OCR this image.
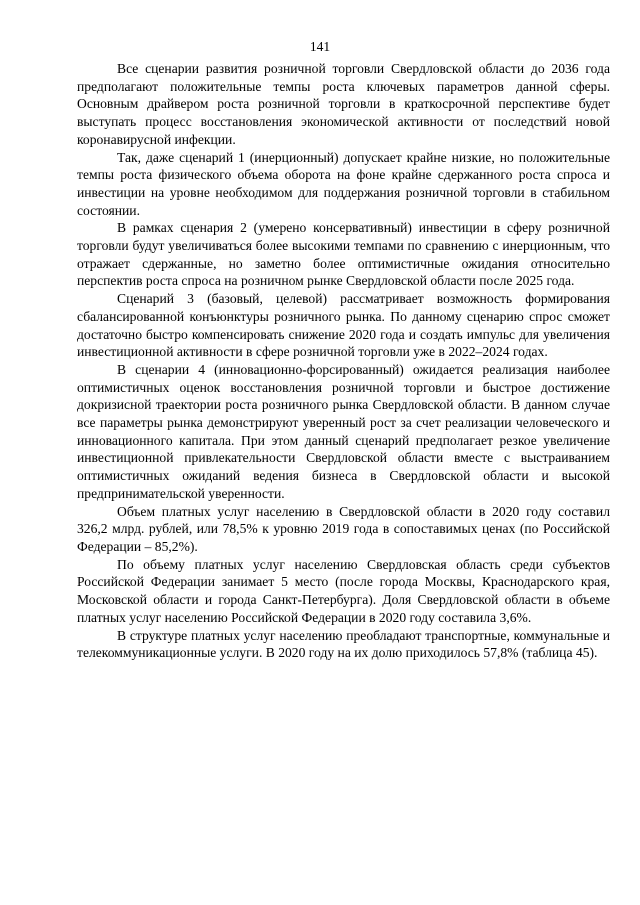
141

Все сценарии развития розничной торговли Свердловской области до 2036 года предполагают положительные темпы роста ключевых параметров данной сферы. Основным драйвером роста розничной торговли в краткосрочной перспективе будет выступать процесс восстановления экономической активности от последствий новой коронавирусной инфекции.

Так, даже сценарий 1 (инерционный) допускает крайне низкие, но положительные темпы роста физического объема оборота на фоне крайне сдержанного роста спроса и инвестиции на уровне необходимом для поддержания розничной торговли в стабильном состоянии.

В рамках сценария 2 (умерено консервативный) инвестиции в сферу розничной торговли будут увеличиваться более высокими темпами по сравнению с инерционным, что отражает сдержанные, но заметно более оптимистичные ожидания относительно перспектив роста спроса на розничном рынке Свердловской области после 2025 года.

Сценарий 3 (базовый, целевой) рассматривает возможность формирования сбалансированной конъюнктуры розничного рынка. По данному сценарию спрос сможет достаточно быстро компенсировать снижение 2020 года и создать импульс для увеличения инвестиционной активности в сфере розничной торговли уже в 2022–2024 годах.

В сценарии 4 (инновационно-форсированный) ожидается реализация наиболее оптимистичных оценок восстановления розничной торговли и быстрое достижение докризисной траектории роста розничного рынка Свердловской области. В данном случае все параметры рынка демонстрируют уверенный рост за счет реализации человеческого и инновационного капитала. При этом данный сценарий предполагает резкое увеличение инвестиционной привлекательности Свердловской области вместе с выстраиванием оптимистичных ожиданий ведения бизнеса в Свердловской области и высокой предпринимательской уверенности.

Объем платных услуг населению в Свердловской области в 2020 году составил 326,2 млрд. рублей, или 78,5% к уровню 2019 года в сопоставимых ценах (по Российской Федерации – 85,2%).

По объему платных услуг населению Свердловская область среди субъектов Российской Федерации занимает 5 место (после города Москвы, Краснодарского края, Московской области и города Санкт-Петербурга). Доля Свердловской области в объеме платных услуг населению Российской Федерации в 2020 году составила 3,6%.

В структуре платных услуг населению преобладают транспортные, коммунальные и телекоммуникационные услуги. В 2020 году на их долю приходилось 57,8% (таблица 45).
